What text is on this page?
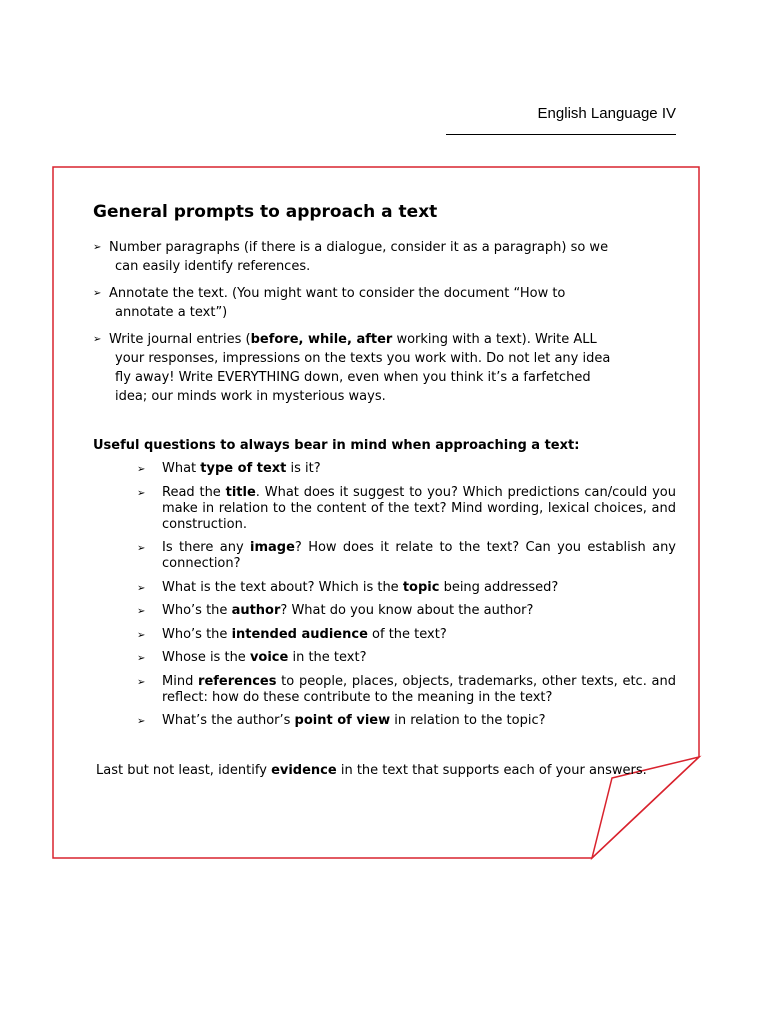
English Language IV
General prompts to approach a text
➢ Number paragraphs (if there is a dialogue, consider it as a paragraph) so we can easily identify references.
➢ Annotate the text. (You might want to consider the document “How to annotate a text”)
➢ Write journal entries (before, while, after working with a text). Write ALL your responses, impressions on the texts you work with. Do not let any idea fly away! Write EVERYTHING down, even when you think it’s a farfetched idea; our minds work in mysterious ways.
Useful questions to always bear in mind when approaching a text:
➢ What type of text is it?
➢ Read the title. What does it suggest to you? Which predictions can/could you make in relation to the content of the text? Mind wording, lexical choices, and construction.
➢ Is there any image? How does it relate to the text? Can you establish any connection?
➢ What is the text about? Which is the topic being addressed?
➢ Who’s the author? What do you know about the author?
➢ Who’s the intended audience of the text?
➢ Whose is the voice in the text?
➢ Mind references to people, places, objects, trademarks, other texts, etc. and reflect: how do these contribute to the meaning in the text?
➢ What’s the author’s point of view in relation to the topic?
Last but not least, identify evidence in the text that supports each of your answers.
